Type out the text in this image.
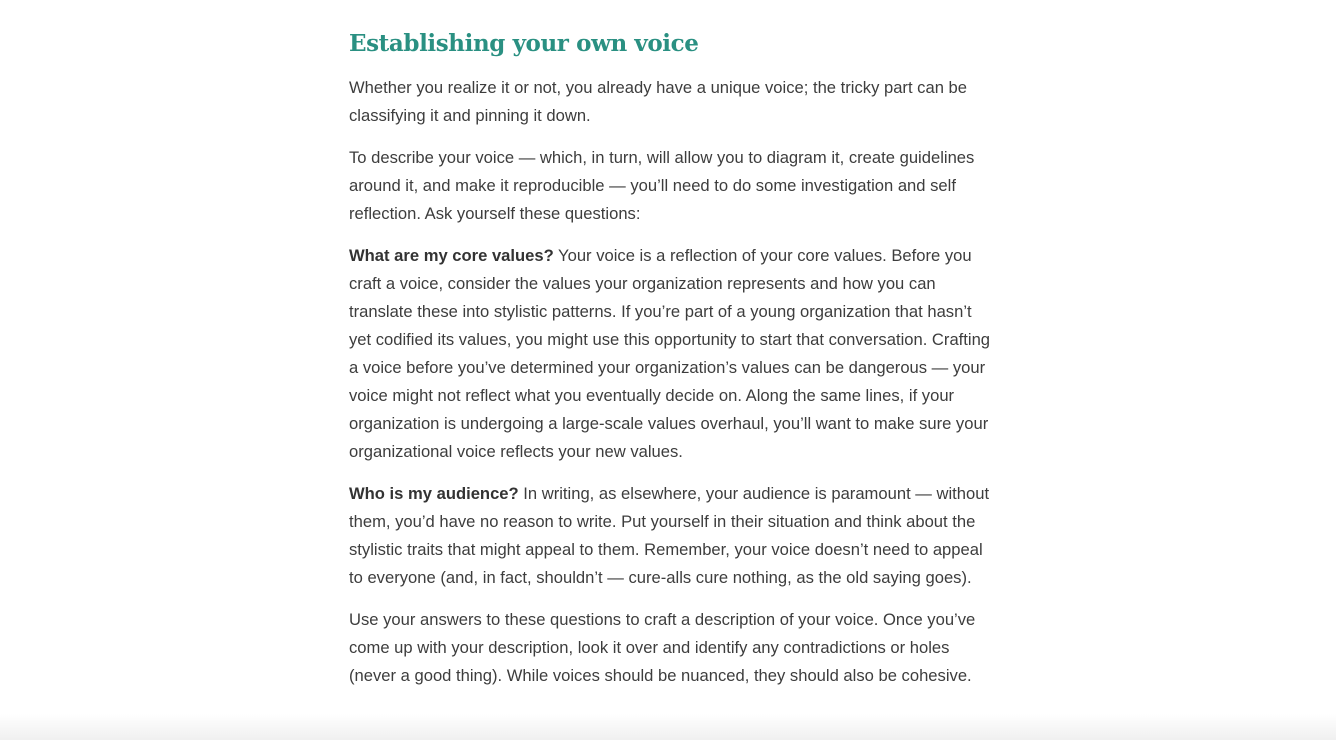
Establishing your own voice

Whether you realize it or not, you already have a unique voice; the tricky part can be classifying it and pinning it down.

To describe your voice — which, in turn, will allow you to diagram it, create guidelines around it, and make it reproducible — you’ll need to do some investigation and self reflection. Ask yourself these questions:

What are my core values? Your voice is a reflection of your core values. Before you craft a voice, consider the values your organization represents and how you can translate these into stylistic patterns. If you’re part of a young organization that hasn’t yet codified its values, you might use this opportunity to start that conversation. Crafting a voice before you’ve determined your organization’s values can be dangerous — your voice might not reflect what you eventually decide on. Along the same lines, if your organization is undergoing a large-scale values overhaul, you’ll want to make sure your organizational voice reflects your new values.

Who is my audience? In writing, as elsewhere, your audience is paramount — without them, you’d have no reason to write. Put yourself in their situation and think about the stylistic traits that might appeal to them. Remember, your voice doesn’t need to appeal to everyone (and, in fact, shouldn’t — cure-alls cure nothing, as the old saying goes).

Use your answers to these questions to craft a description of your voice. Once you’ve come up with your description, look it over and identify any contradictions or holes (never a good thing). While voices should be nuanced, they should also be cohesive.
